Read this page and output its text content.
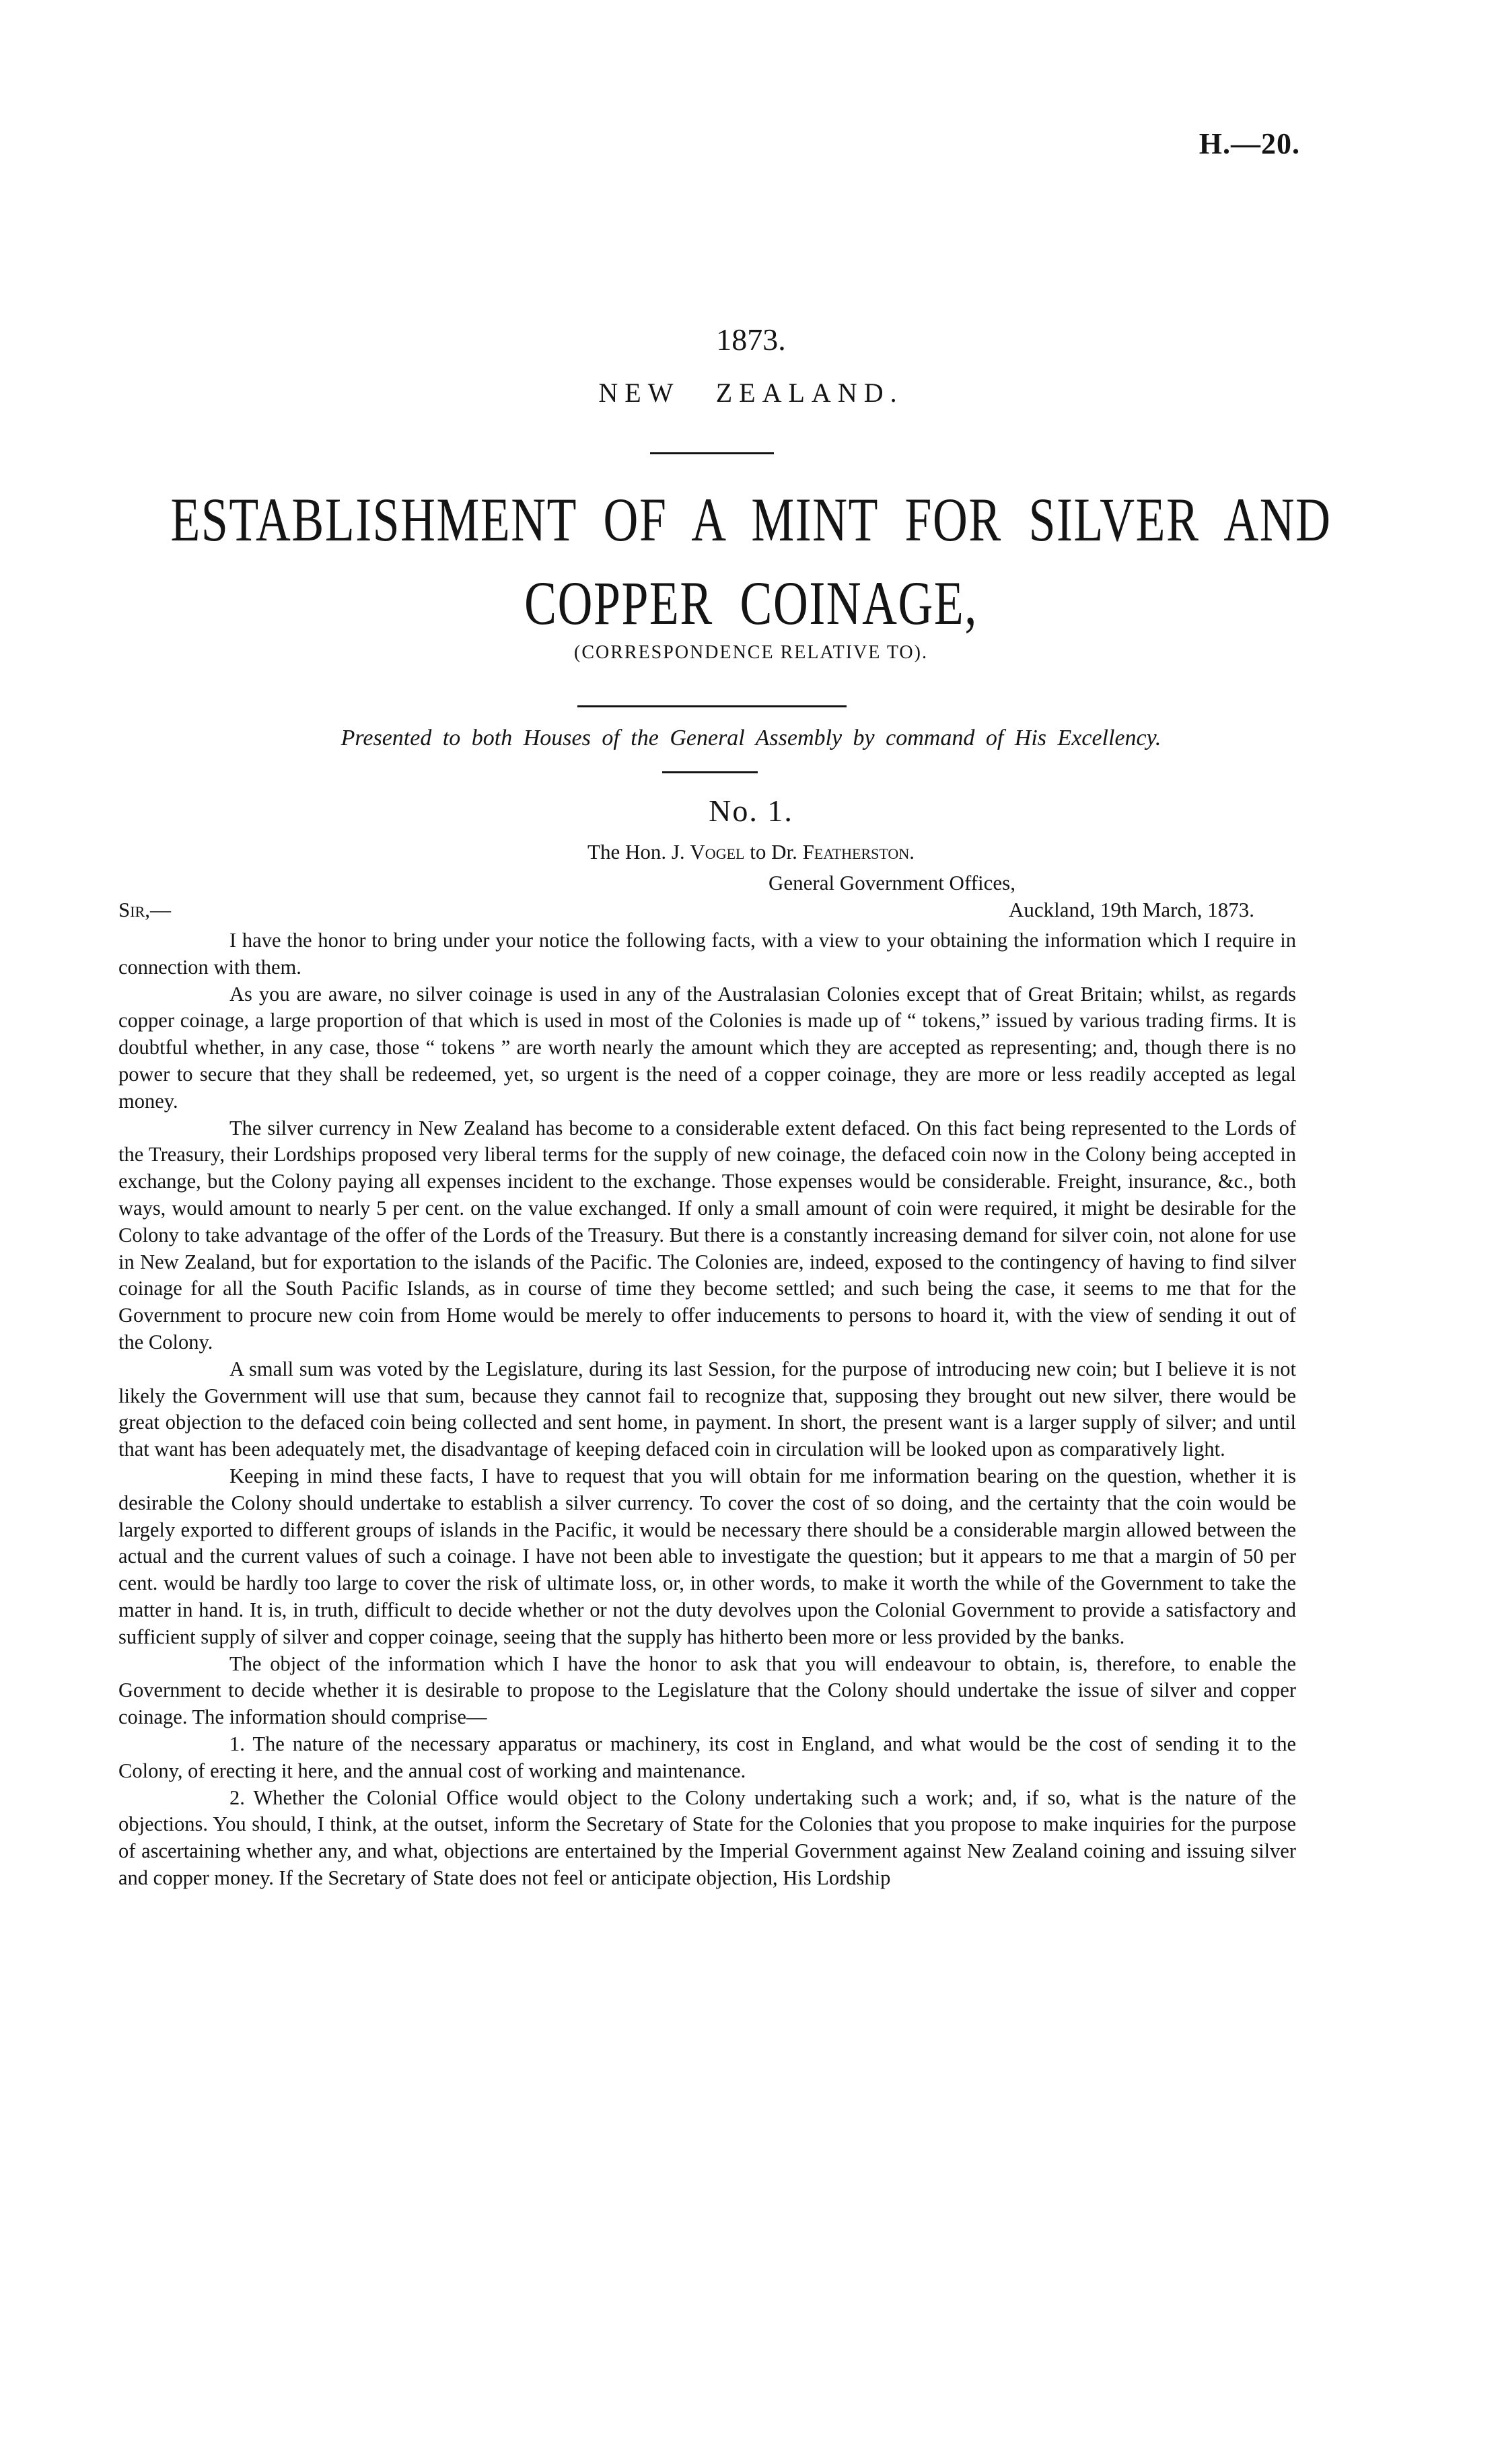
H.—20.
1873.
NEW ZEALAND.
ESTABLISHMENT OF A MINT FOR SILVER AND
COPPER COINAGE,
(CORRESPONDENCE RELATIVE TO).
Presented to both Houses of the General Assembly by command of His Excellency.
No. 1.
The Hon. J. Vogel to Dr. Featherston.
General Government Offices,
Sir,—	Auckland, 19th March, 1873.

I have the honor to bring under your notice the following facts, with a view to your obtaining the information which I require in connection with them.

As you are aware, no silver coinage is used in any of the Australasian Colonies except that of Great Britain; whilst, as regards copper coinage, a large proportion of that which is used in most of the Colonies is made up of “ tokens,” issued by various trading firms. It is doubtful whether, in any case, those “ tokens ” are worth nearly the amount which they are accepted as representing; and, though there is no power to secure that they shall be redeemed, yet, so urgent is the need of a copper coinage, they are more or less readily accepted as legal money.

The silver currency in New Zealand has become to a considerable extent defaced. On this fact being represented to the Lords of the Treasury, their Lordships proposed very liberal terms for the supply of new coinage, the defaced coin now in the Colony being accepted in exchange, but the Colony paying all expenses incident to the exchange. Those expenses would be considerable. Freight, insurance, &c., both ways, would amount to nearly 5 per cent. on the value exchanged. If only a small amount of coin were required, it might be desirable for the Colony to take advantage of the offer of the Lords of the Treasury. But there is a constantly increasing demand for silver coin, not alone for use in New Zealand, but for exportation to the islands of the Pacific. The Colonies are, indeed, exposed to the contingency of having to find silver coinage for all the South Pacific Islands, as in course of time they become settled; and such being the case, it seems to me that for the Government to procure new coin from Home would be merely to offer inducements to persons to hoard it, with the view of sending it out of the Colony.

A small sum was voted by the Legislature, during its last Session, for the purpose of introducing new coin; but I believe it is not likely the Government will use that sum, because they cannot fail to recognize that, supposing they brought out new silver, there would be great objection to the defaced coin being collected and sent home, in payment. In short, the present want is a larger supply of silver; and until that want has been adequately met, the disadvantage of keeping defaced coin in circulation will be looked upon as comparatively light.

Keeping in mind these facts, I have to request that you will obtain for me information bearing on the question, whether it is desirable the Colony should undertake to establish a silver currency. To cover the cost of so doing, and the certainty that the coin would be largely exported to different groups of islands in the Pacific, it would be necessary there should be a considerable margin allowed between the actual and the current values of such a coinage. I have not been able to investigate the question; but it appears to me that a margin of 50 per cent. would be hardly too large to cover the risk of ultimate loss, or, in other words, to make it worth the while of the Government to take the matter in hand. It is, in truth, difficult to decide whether or not the duty devolves upon the Colonial Government to provide a satisfactory and sufficient supply of silver and copper coinage, seeing that the supply has hitherto been more or less provided by the banks.

The object of the information which I have the honor to ask that you will endeavour to obtain, is, therefore, to enable the Government to decide whether it is desirable to propose to the Legislature that the Colony should undertake the issue of silver and copper coinage. The information should comprise—

1. The nature of the necessary apparatus or machinery, its cost in England, and what would be the cost of sending it to the Colony, of erecting it here, and the annual cost of working and maintenance.

2. Whether the Colonial Office would object to the Colony undertaking such a work; and, if so, what is the nature of the objections. You should, I think, at the outset, inform the Secretary of State for the Colonies that you propose to make inquiries for the purpose of ascertaining whether any, and what, objections are entertained by the Imperial Government against New Zealand coining and issuing silver and copper money. If the Secretary of State does not feel or anticipate objection, His Lordship
